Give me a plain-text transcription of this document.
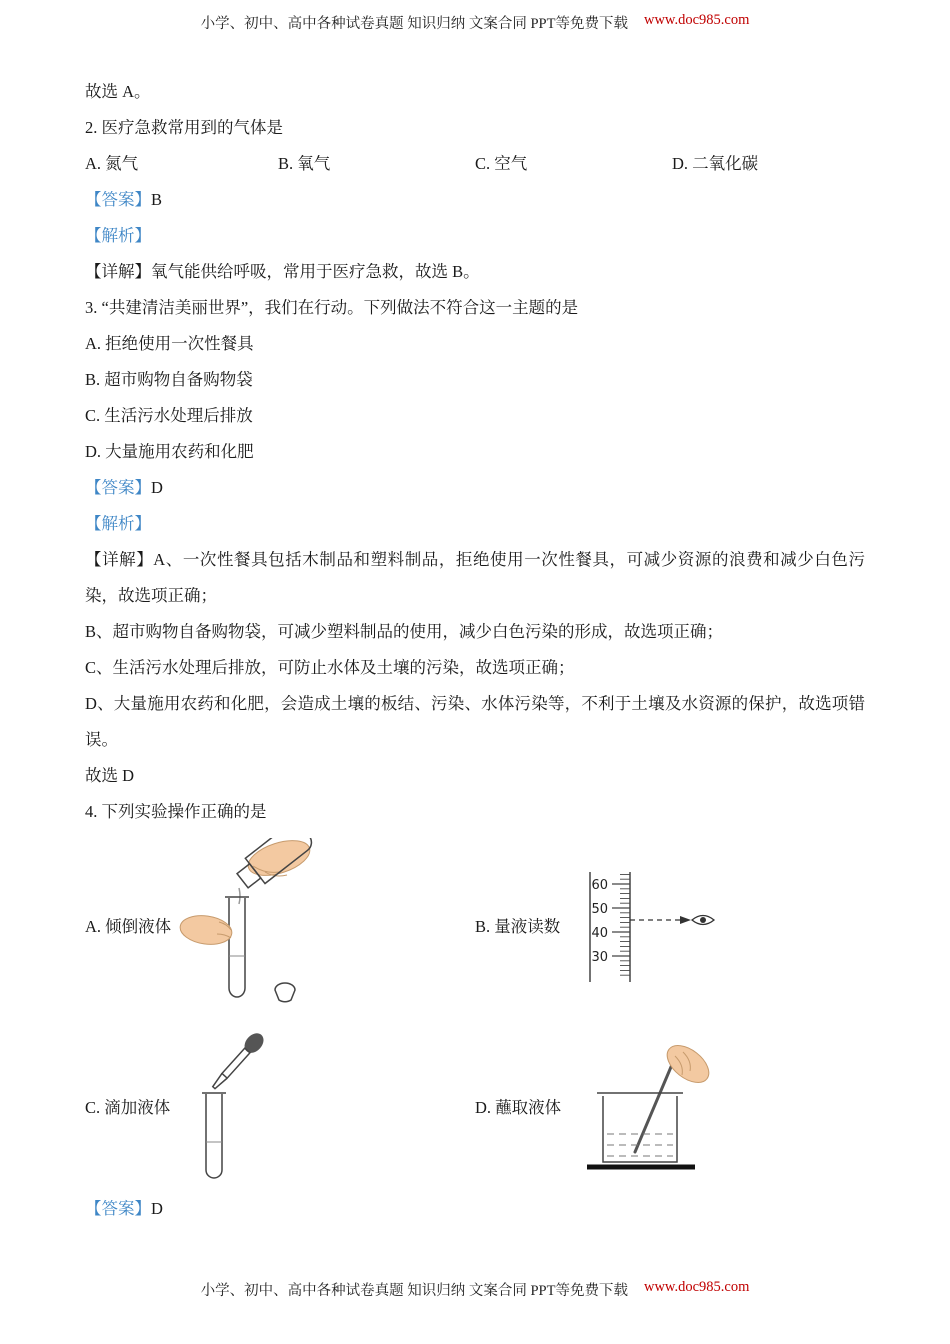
小学、初中、高中各种试卷真题 知识归纳 文案合同 PPT等免费下载 www.doc985.com

故选 A。

2. 医疗急救常用到的气体是

A. 氮气	B. 氧气	C. 空气	D. 二氧化碳

【答案】B

【解析】

【详解】氧气能供给呼吸，常用于医疗急救，故选 B。

3. “共建清洁美丽世界”，我们在行动。下列做法不符合这一主题的是

A. 拒绝使用一次性餐具

B. 超市购物自备购物袋

C. 生活污水处理后排放

D. 大量施用农药和化肥

【答案】D

【解析】

【详解】A、一次性餐具包括木制品和塑料制品，拒绝使用一次性餐具，可减少资源的浪费和减少白色污染，故选项正确；

B、超市购物自备购物袋，可减少塑料制品的使用，减少白色污染的形成，故选项正确；

C、生活污水处理后排放，可防止水体及土壤的污染，故选项正确；

D、大量施用农药和化肥，会造成土壤的板结、污染、水体污染等，不利于土壤及水资源的保护，故选项错误。

故选 D

4. 下列实验操作正确的是

A. 倾倒液体	B. 量液读数
60
50
40
30
C. 滴加液体	D. 蘸取液体

【答案】D

小学、初中、高中各种试卷真题 知识归纳 文案合同 PPT等免费下载 www.doc985.com
